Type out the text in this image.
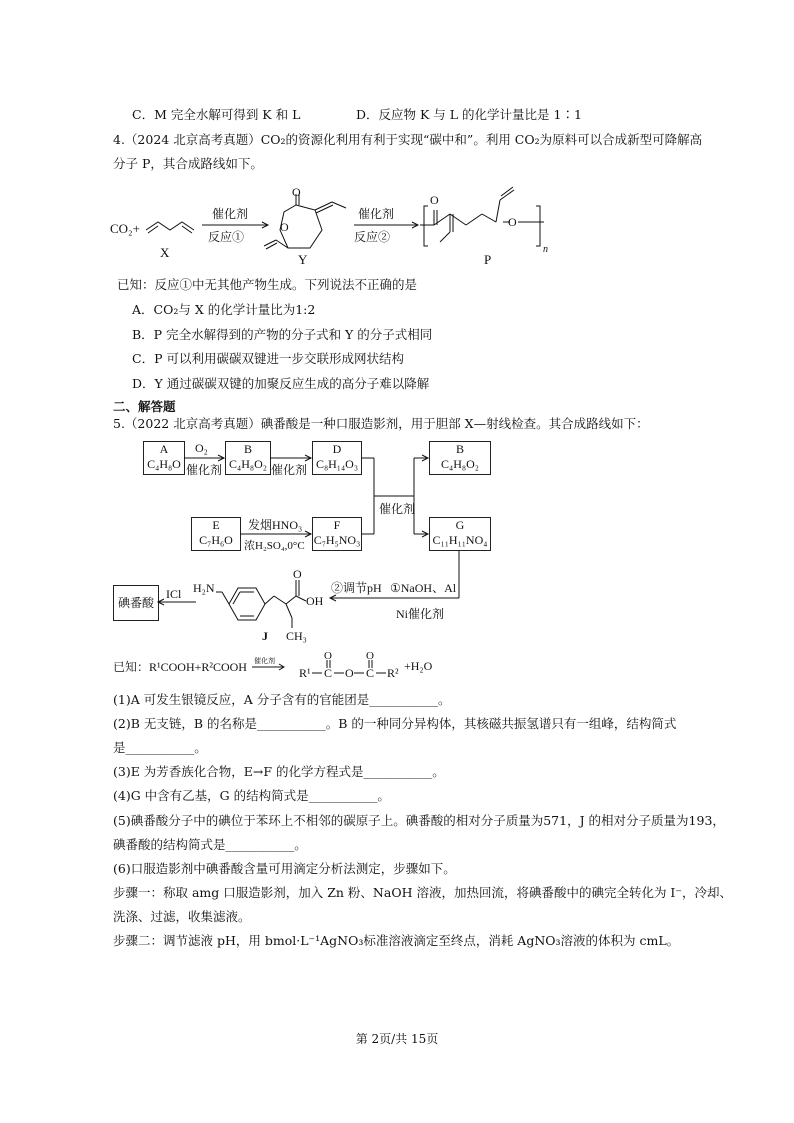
C．M 完全水解可得到 K 和 L	D．反应物 K 与 L 的化学计量比是 1∶1
4.（2024 北京高考真题）CO₂的资源化利用有利于实现“碳中和”。利用 CO₂为原料可以合成新型可降解高
分子 P，其合成路线如下。
CO₂+
X
催化剂
反应①
O
O
Y
催化剂
反应②
O
O
n
P
已知：反应①中无其他产物生成。下列说法不正确的是
A．CO₂与 X 的化学计量比为1:2
B．P 完全水解得到的产物的分子式和 Y 的分子式相同
C．P 可以利用碳碳双键进一步交联形成网状结构
D．Y 通过碳碳双键的加聚反应生成的高分子难以降解
二、解答题
5.（2022 北京高考真题）碘番酸是一种口服造影剂，用于胆部 X—射线检查。其合成路线如下：
A
C₄H₈O
B
C₄H₈O₂
D
C₈H₁₄O₃
B
C₄H₈O₂
E
C₇H₆O
F
C₇H₅NO₃
G
C₁₁H₁₁NO₄
碘番酸
O₂
催化剂	催化剂
催化剂
发烟HNO₃
浓H₂SO₄,0°C
①NaOH、Al
Ni催化剂
②调节pH
ICl H₂N
O
OH
CH₃
J
已知：R¹COOH+R²COOH 催化剂
R¹ C O C
O	O
R² +H₂O
(1)A 可发生银镜反应，A 分子含有的官能团是___________。
(2)B 无支链，B 的名称是___________。B 的一种同分异构体，其核磁共振氢谱只有一组峰，结构简式
是___________。
(3)E 为芳香族化合物，E→F 的化学方程式是___________。
(4)G 中含有乙基，G 的结构简式是___________。
(5)碘番酸分子中的碘位于苯环上不相邻的碳原子上。碘番酸的相对分子质量为571，J 的相对分子质量为193，
碘番酸的结构简式是___________。
(6)口服造影剂中碘番酸含量可用滴定分析法测定，步骤如下。
步骤一：称取 amg 口服造影剂，加入 Zn 粉、NaOH 溶液，加热回流，将碘番酸中的碘完全转化为 I⁻，冷却、
洗涤、过滤，收集滤液。
步骤二：调节滤液 pH，用 bmol·L⁻¹AgNO₃标准溶液滴定至终点，消耗 AgNO₃溶液的体积为 cmL。
第 2页/共 15页
